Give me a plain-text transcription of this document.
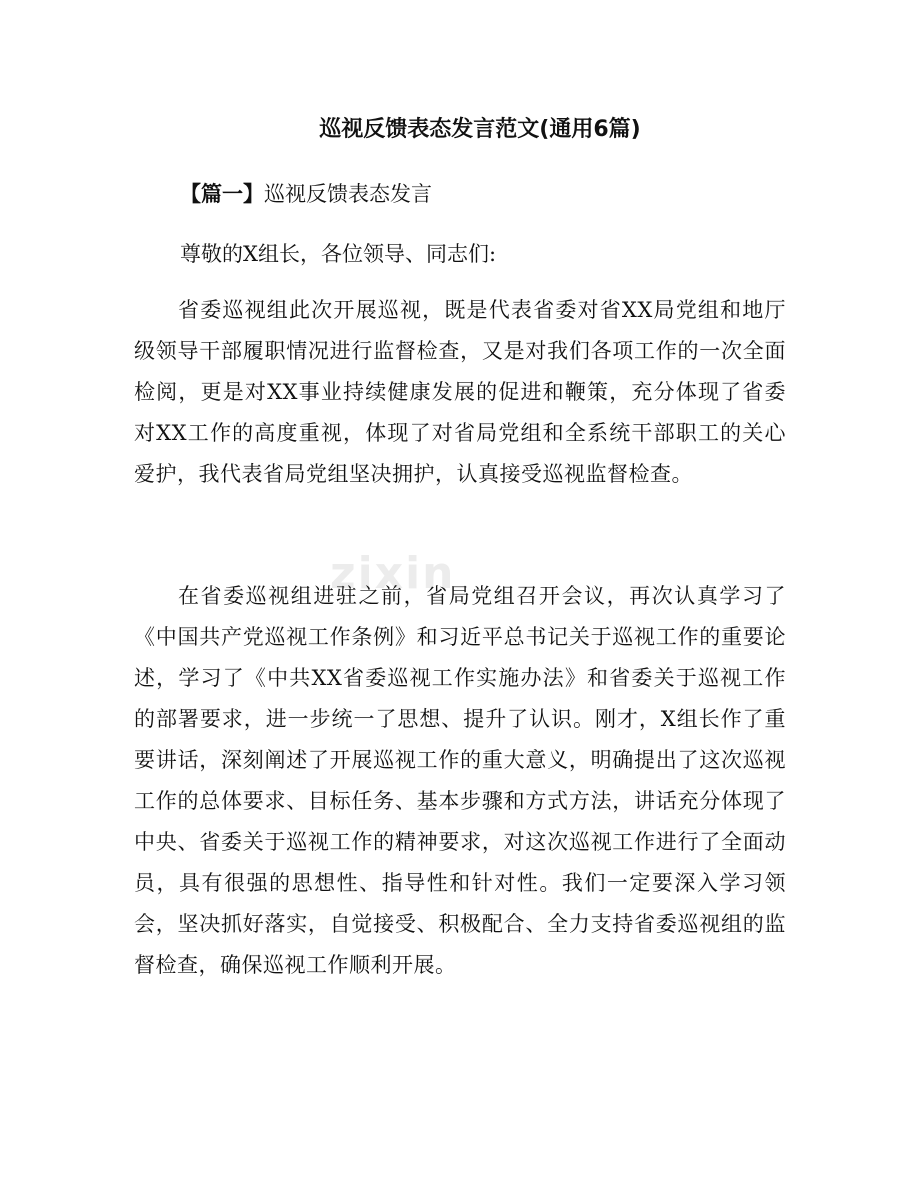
zixin
巡视反馈表态发言范文(通用6篇)

【篇一】巡视反馈表态发言

尊敬的X组长，各位领导、同志们:

省委巡视组此次开展巡视，既是代表省委对省XX局党组和地厅级领导干部履职情况进行监督检查，又是对我们各项工作的一次全面检阅，更是对XX事业持续健康发展的促进和鞭策，充分体现了省委对XX工作的高度重视，体现了对省局党组和全系统干部职工的关心爱护，我代表省局党组坚决拥护，认真接受巡视监督检查。

在省委巡视组进驻之前，省局党组召开会议，再次认真学习了《中国共产党巡视工作条例》和习近平总书记关于巡视工作的重要论述，学习了《中共XX省委巡视工作实施办法》和省委关于巡视工作的部署要求，进一步统一了思想、提升了认识。刚才，X组长作了重要讲话，深刻阐述了开展巡视工作的重大意义，明确提出了这次巡视工作的总体要求、目标任务、基本步骤和方式方法，讲话充分体现了中央、省委关于巡视工作的精神要求，对这次巡视工作进行了全面动员，具有很强的思想性、指导性和针对性。我们一定要深入学习领会，坚决抓好落实，自觉接受、积极配合、全力支持省委巡视组的监督检查，确保巡视工作顺利开展。
